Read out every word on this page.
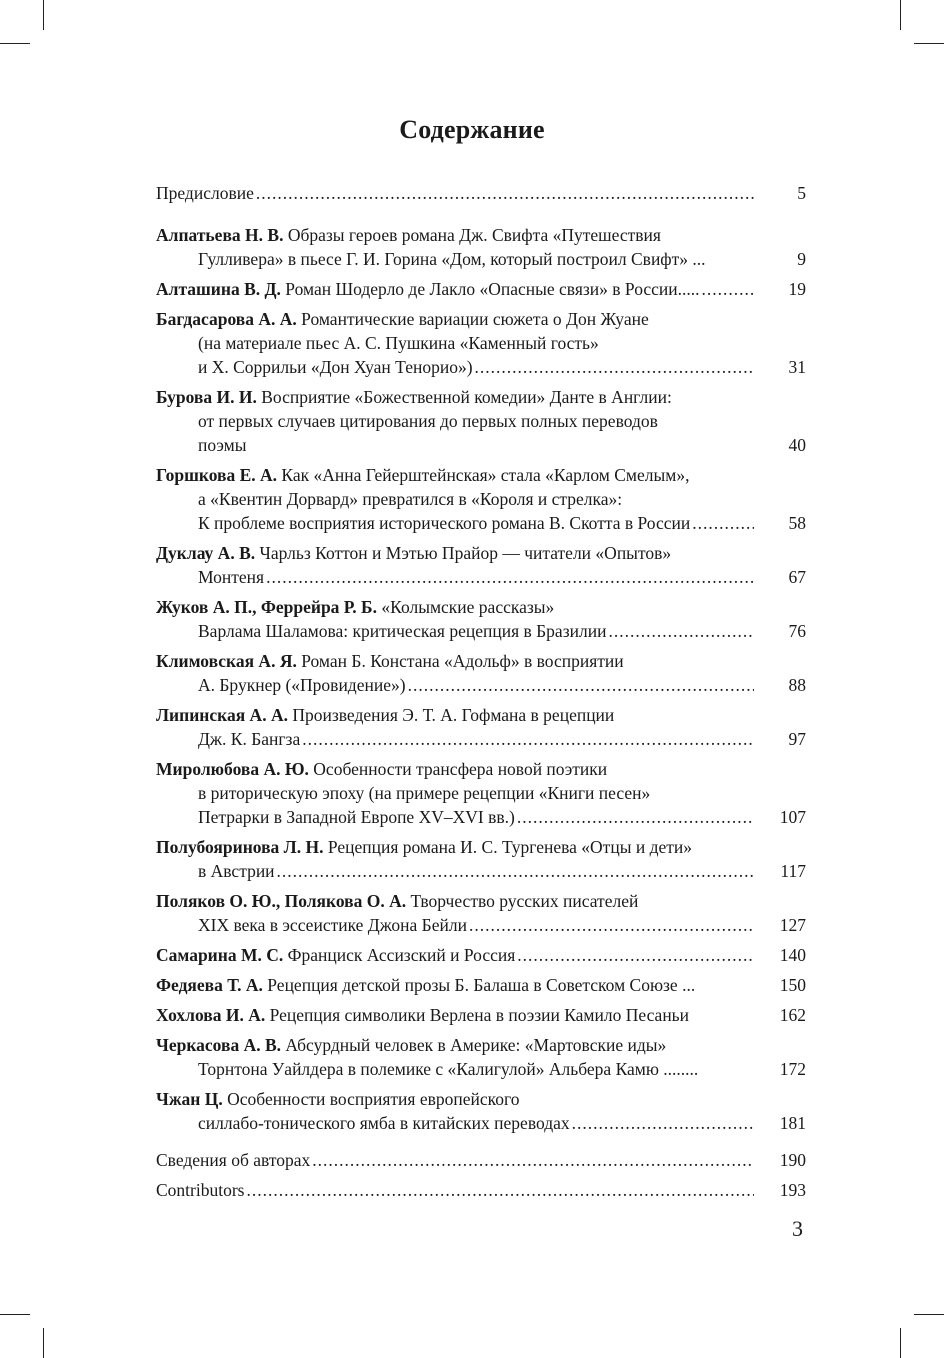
Содержание
Предисловие .....	5
Алпатьева Н. В. Образы героев романа Дж. Свифта «Путешествия
Гулливера» в пьесе Г. И. Горина «Дом, который построил Свифт» ...	9
Алташина В. Д. Роман Шодерло де Лакло «Опасные связи» в России..... .....	19
Багдасарова А. А. Романтические вариации сюжета о Дон Жуане
(на материале пьес А. С. Пушкина «Каменный гость»
и Х. Соррильи «Дон Хуан Тенорио») .....	31
Бурова И. И. Восприятие «Божественной комедии» Данте в Англии:
от первых случаев цитирования до первых полных переводов
поэмы	40
Горшкова Е. А. Как «Анна Гейерштейнская» стала «Карлом Смелым»,
а «Квентин Дорвард» превратился в «Короля и стрелка»:
К проблеме восприятия исторического романа В. Скотта в России .....	58
Дуклау А. В. Чарльз Коттон и Мэтью Прайор — читатели «Опытов»
Монтеня .....	67
Жуков А. П., Феррейра Р. Б. «Колымские рассказы»
Варлама Шаламова: критическая рецепция в Бразилии .....	76
Климовская А. Я. Роман Б. Констана «Адольф» в восприятии
А. Брукнер («Провидение») .....	88
Липинская А. А. Произведения Э. Т. А. Гофмана в рецепции
Дж. К. Бангза .....	97
Миролюбова А. Ю. Особенности трансфера новой поэтики
в риторическую эпоху (на примере рецепции «Книги песен»
Петрарки в Западной Европе XV–XVI вв.) .....	107
Полубояринова Л. Н. Рецепция романа И. С. Тургенева «Отцы и дети»
в Австрии .....	117
Поляков О. Ю., Полякова О. А. Творчество русских писателей
XIX века в эссеистике Джона Бейли .....	127
Самарина М. С. Франциск Ассизский и Россия .....	140
Федяева Т. А. Рецепция детской прозы Б. Балаша в Советском Союзе ...	150
Хохлова И. А. Рецепция символики Верлена в поэзии Камило Песаньи	162
Черкасова А. В. Абсурдный человек в Америке: «Мартовские иды»
Торнтона Уайлдера в полемике с «Калигулой» Альбера Камю ........	172
Чжан Ц. Особенности восприятия европейского
силлабо-тонического ямба в китайских переводах .....	181
Сведения об авторах .....	190
Contributors .....	193
3
